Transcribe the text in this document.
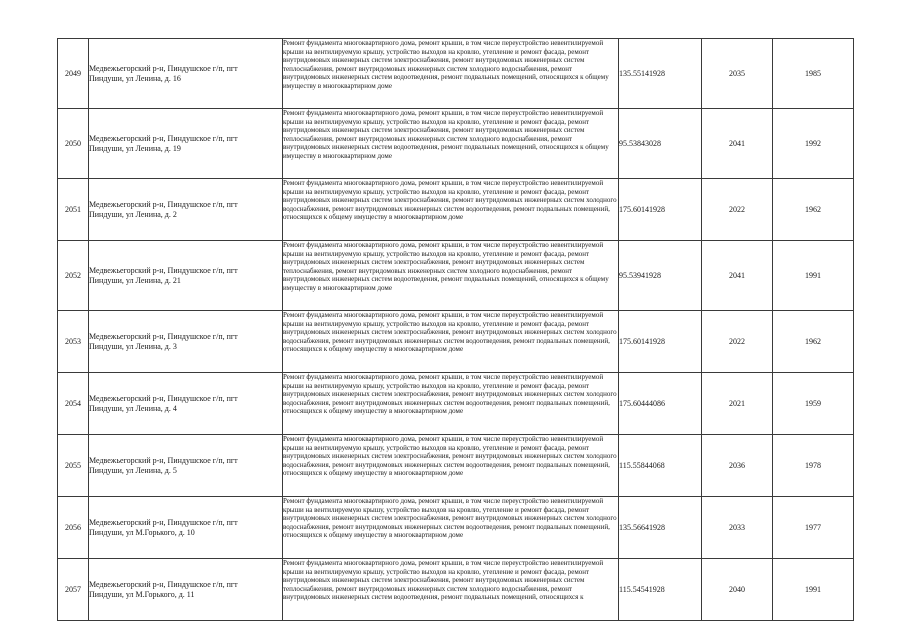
2049	Медвежьегорский р-н, Пиндушское г/п, пгт
Пиндуши, ул Ленина, д. 16	Ремонт фундамента многоквартирного дома, ремонт крыши, в том числе переустройство невентилируемой крыши на вентилируемую крышу, устройство выходов на кровлю, утепление и ремонт фасада, ремонт внутридомовых инженерных систем электроснабжения, ремонт внутридомовых инженерных систем теплоснабжения, ремонт внутридомовых инженерных систем холодного водоснабжения, ремонт внутридомовых инженерных систем водоотведения, ремонт подвальных помещений, относящихся к общему имуществу в многоквартирном доме	135.55141928	2035	1985
2050	Медвежьегорский р-н, Пиндушское г/п, пгт
Пиндуши, ул Ленина, д. 19	Ремонт фундамента многоквартирного дома, ремонт крыши, в том числе переустройство невентилируемой крыши на вентилируемую крышу, устройство выходов на кровлю, утепление и ремонт фасада, ремонт внутридомовых инженерных систем электроснабжения, ремонт внутридомовых инженерных систем теплоснабжения, ремонт внутридомовых инженерных систем холодного водоснабжения, ремонт внутридомовых инженерных систем водоотведения, ремонт подвальных помещений, относящихся к общему имуществу в многоквартирном доме	95.53843028	2041	1992
2051	Медвежьегорский р-н, Пиндушское г/п, пгт
Пиндуши, ул Ленина, д. 2	Ремонт фундамента многоквартирного дома, ремонт крыши, в том числе переустройство невентилируемой крыши на вентилируемую крышу, устройство выходов на кровлю, утепление и ремонт фасада, ремонт внутридомовых инженерных систем электроснабжения, ремонт внутридомовых инженерных систем холодного водоснабжения, ремонт внутридомовых инженерных систем водоотведения, ремонт подвальных помещений, относящихся к общему имуществу в многоквартирном доме	175.60141928	2022	1962
2052	Медвежьегорский р-н, Пиндушское г/п, пгт
Пиндуши, ул Ленина, д. 21	Ремонт фундамента многоквартирного дома, ремонт крыши, в том числе переустройство невентилируемой крыши на вентилируемую крышу, устройство выходов на кровлю, утепление и ремонт фасада, ремонт внутридомовых инженерных систем электроснабжения, ремонт внутридомовых инженерных систем теплоснабжения, ремонт внутридомовых инженерных систем холодного водоснабжения, ремонт внутридомовых инженерных систем водоотведения, ремонт подвальных помещений, относящихся к общему имуществу в многоквартирном доме	95.53941928	2041	1991
2053	Медвежьегорский р-н, Пиндушское г/п, пгт
Пиндуши, ул Ленина, д. 3	Ремонт фундамента многоквартирного дома, ремонт крыши, в том числе переустройство невентилируемой крыши на вентилируемую крышу, устройство выходов на кровлю, утепление и ремонт фасада, ремонт внутридомовых инженерных систем электроснабжения, ремонт внутридомовых инженерных систем холодного водоснабжения, ремонт внутридомовых инженерных систем водоотведения, ремонт подвальных помещений, относящихся к общему имуществу в многоквартирном доме	175.60141928	2022	1962
2054	Медвежьегорский р-н, Пиндушское г/п, пгт
Пиндуши, ул Ленина, д. 4	Ремонт фундамента многоквартирного дома, ремонт крыши, в том числе переустройство невентилируемой крыши на вентилируемую крышу, устройство выходов на кровлю, утепление и ремонт фасада, ремонт внутридомовых инженерных систем электроснабжения, ремонт внутридомовых инженерных систем холодного водоснабжения, ремонт внутридомовых инженерных систем водоотведения, ремонт подвальных помещений, относящихся к общему имуществу в многоквартирном доме	175.60444086	2021	1959
2055	Медвежьегорский р-н, Пиндушское г/п, пгт
Пиндуши, ул Ленина, д. 5	Ремонт фундамента многоквартирного дома, ремонт крыши, в том числе переустройство невентилируемой крыши на вентилируемую крышу, устройство выходов на кровлю, утепление и ремонт фасада, ремонт внутридомовых инженерных систем электроснабжения, ремонт внутридомовых инженерных систем холодного водоснабжения, ремонт внутридомовых инженерных систем водоотведения, ремонт подвальных помещений, относящихся к общему имуществу в многоквартирном доме	115.55844068	2036	1978
2056	Медвежьегорский р-н, Пиндушское г/п, пгт
Пиндуши, ул М.Горького, д. 10	Ремонт фундамента многоквартирного дома, ремонт крыши, в том числе переустройство невентилируемой крыши на вентилируемую крышу, устройство выходов на кровлю, утепление и ремонт фасада, ремонт внутридомовых инженерных систем электроснабжения, ремонт внутридомовых инженерных систем холодного водоснабжения, ремонт внутридомовых инженерных систем водоотведения, ремонт подвальных помещений, относящихся к общему имуществу в многоквартирном доме	135.56641928	2033	1977
2057	Медвежьегорский р-н, Пиндушское г/п, пгт
Пиндуши, ул М.Горького, д. 11	Ремонт фундамента многоквартирного дома, ремонт крыши, в том числе переустройство невентилируемой крыши на вентилируемую крышу, устройство выходов на кровлю, утепление и ремонт фасада, ремонт внутридомовых инженерных систем электроснабжения, ремонт внутридомовых инженерных систем теплоснабжения, ремонт внутридомовых инженерных систем холодного водоснабжения, ремонт внутридомовых инженерных систем водоотведения, ремонт подвальных помещений, относящихся к	115.54541928	2040	1991
